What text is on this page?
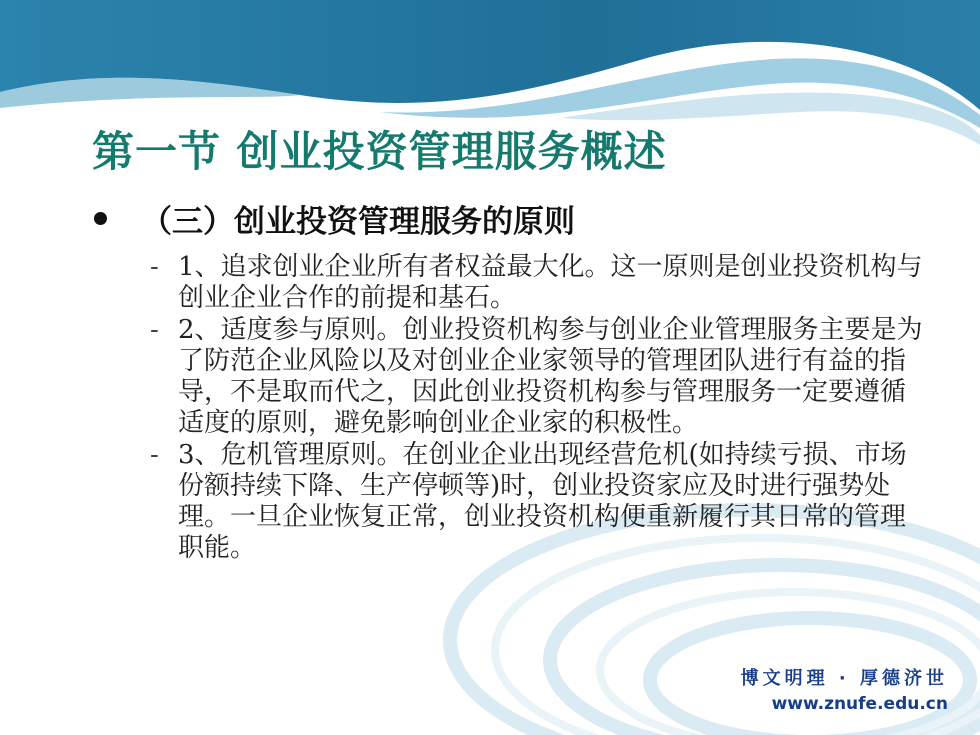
第一节 创业投资管理服务概述
（三）创业投资管理服务的原则
- 1、追求创业企业所有者权益最大化。这一原则是创业投资机构与创业企业合作的前提和基石。
- 2、适度参与原则。创业投资机构参与创业企业管理服务主要是为了防范企业风险以及对创业企业家领导的管理团队进行有益的指导，不是取而代之，因此创业投资机构参与管理服务一定要遵循适度的原则，避免影响创业企业家的积极性。
- 3、危机管理原则。在创业企业出现经营危机(如持续亏损、市场份额持续下降、生产停顿等)时，创业投资家应及时进行强势处理。一旦企业恢复正常，创业投资机构便重新履行其日常的管理职能。
博文明理 · 厚德济世
www.znufe.edu.cn
